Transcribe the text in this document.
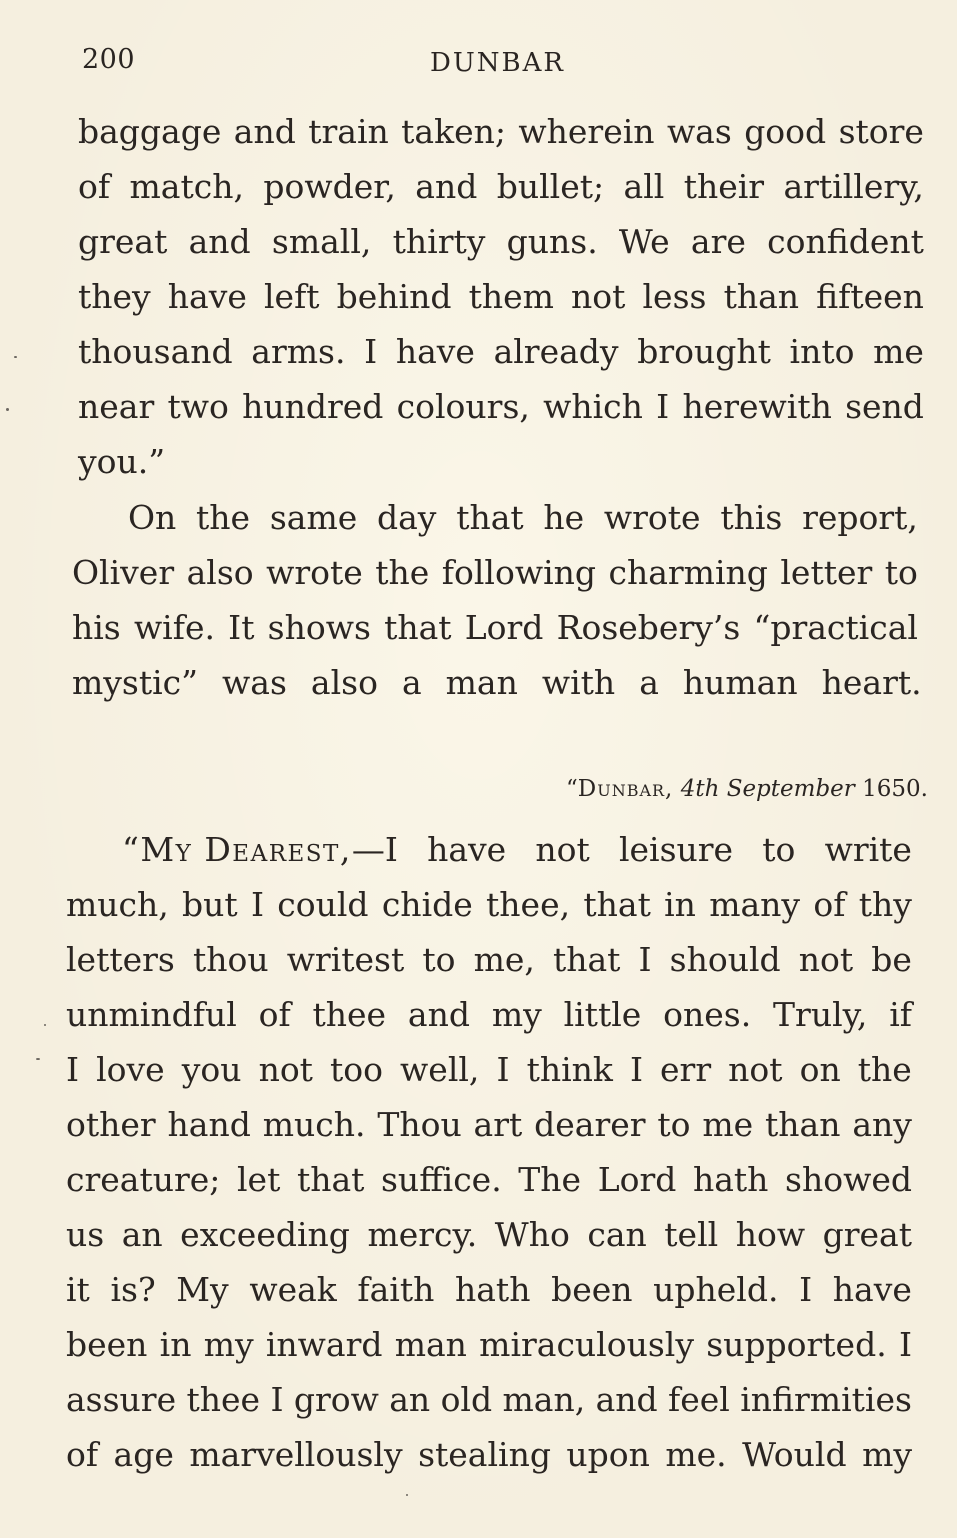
200	DUNBAR
baggage and train taken; wherein was good store
of match, powder, and bullet; all their artillery,
great and small, thirty guns. We are confident
they have left behind them not less than fifteen
thousand arms. I have already brought into me
near two hundred colours, which I herewith send
you.”
On the same day that he wrote this report,
Oliver also wrote the following charming letter to
his wife. It shows that Lord Rosebery’s “practical
mystic” was also a man with a human heart.
“Dunbar, 4th September 1650.
“My Dearest, —I have not leisure to write
much, but I could chide thee, that in many of thy
letters thou writest to me, that I should not be
unmindful of thee and my little ones. Truly, if
I love you not too well, I think I err not on the
other hand much. Thou art dearer to me than any
creature; let that suffice. The Lord hath showed
us an exceeding mercy. Who can tell how great
it is? My weak faith hath been upheld. I have
been in my inward man miraculously supported. I
assure thee I grow an old man, and feel infirmities
of age marvellously stealing upon me. Would my
